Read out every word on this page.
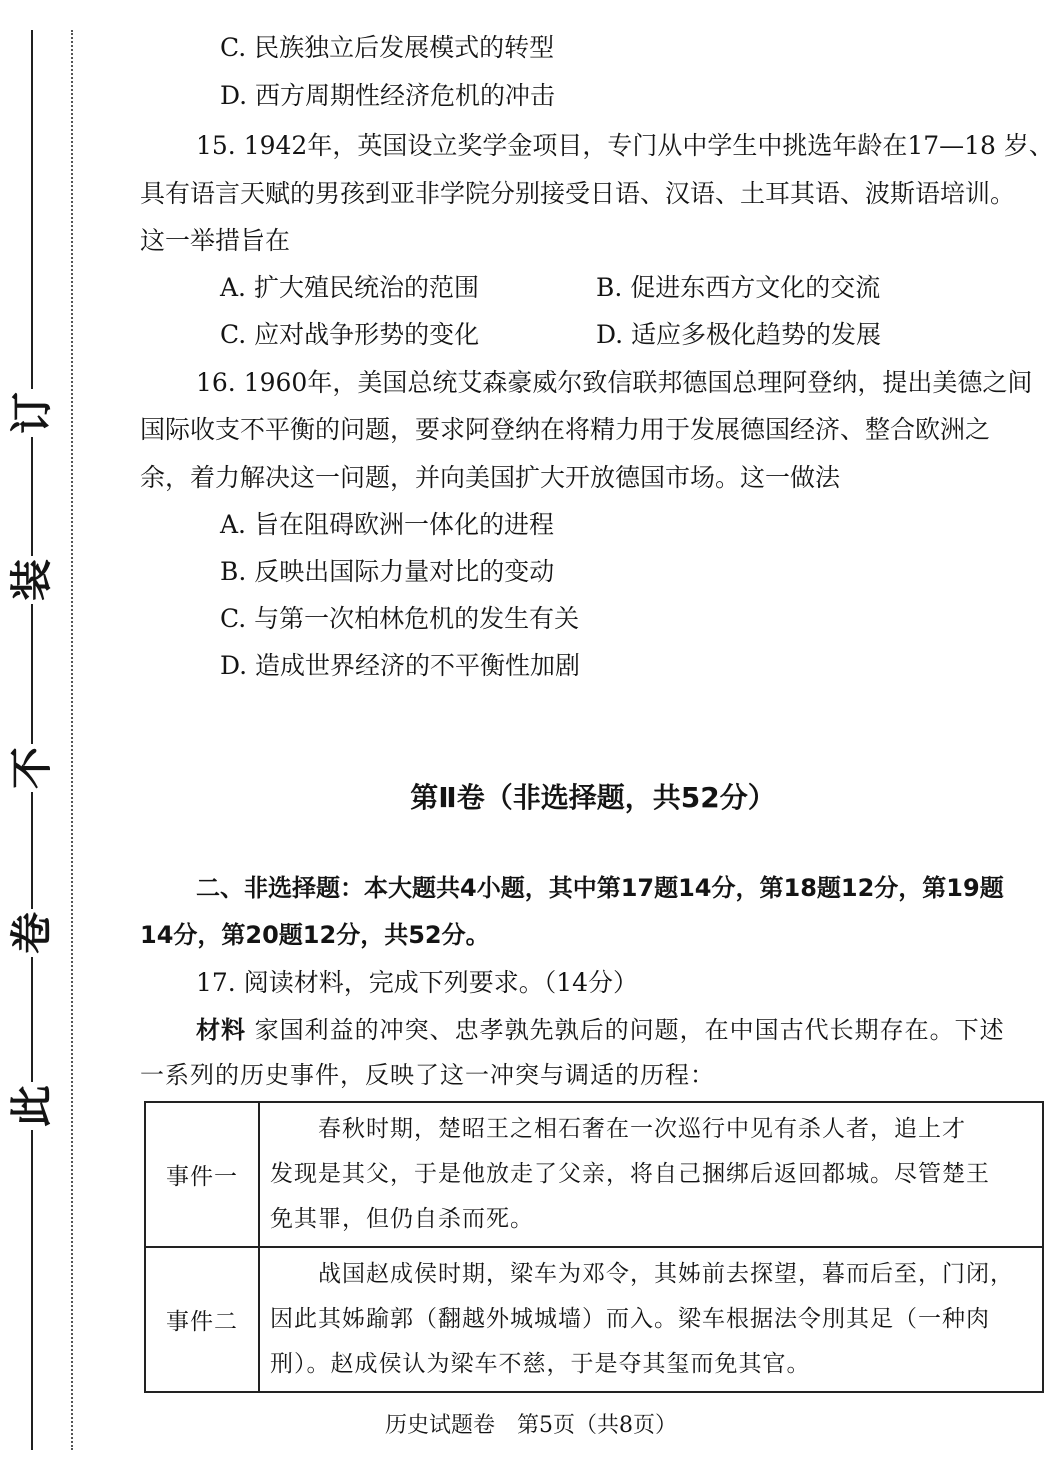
订
装
不
卷
此
C. 民族独立后发展模式的转型
D. 西方周期性经济危机的冲击
15. 1942年，英国设立奖学金项目，专门从中学生中挑选年龄在17—18 岁、
具有语言天赋的男孩到亚非学院分别接受日语、汉语、土耳其语、波斯语培训。
这一举措旨在
A. 扩大殖民统治的范围	B. 促进东西方文化的交流
C. 应对战争形势的变化	D. 适应多极化趋势的发展
16. 1960年，美国总统艾森豪威尔致信联邦德国总理阿登纳，提出美德之间
国际收支不平衡的问题，要求阿登纳在将精力用于发展德国经济、整合欧洲之
余，着力解决这一问题，并向美国扩大开放德国市场。这一做法
A. 旨在阻碍欧洲一体化的进程
B. 反映出国际力量对比的变动
C. 与第一次柏林危机的发生有关
D. 造成世界经济的不平衡性加剧
第Ⅱ卷（非选择题，共52分）
二、非选择题：本大题共4小题，其中第17题14分，第18题12分，第19题
14分，第20题12分，共52分。
17. 阅读材料，完成下列要求。（14分）
材料 家国利益的冲突、忠孝孰先孰后的问题，在中国古代长期存在。下述
一系列的历史事件，反映了这一冲突与调适的历程：
事件一	春秋时期，楚昭王之相石奢在一次巡行中见有杀人者，追上才
发现是其父，于是他放走了父亲，将自己捆绑后返回都城。尽管楚王
免其罪，但仍自杀而死。

事件二	战国赵成侯时期，梁车为邓令，其姊前去探望，暮而后至，门闭，
因此其姊踰郭（翻越外城城墙）而入。梁车根据法令刖其足（一种肉
刑）。赵成侯认为梁车不慈，于是夺其玺而免其官。
历史试题卷　第5页（共8页）
